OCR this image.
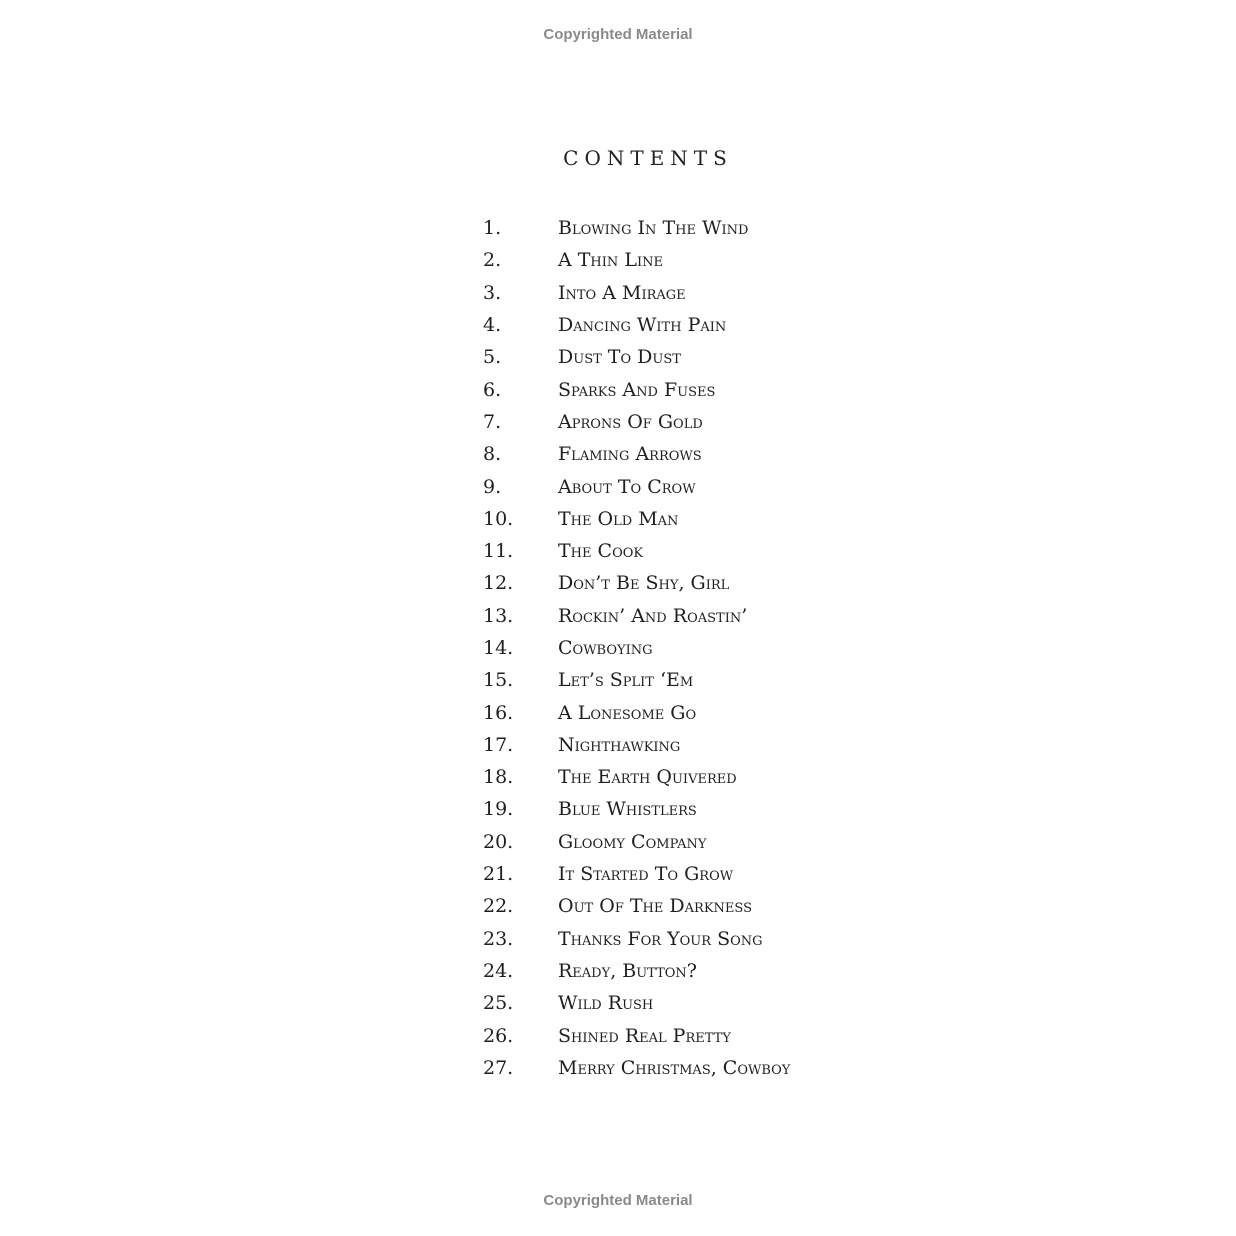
Copyrighted Material
CONTENTS
1.	Blowing In The Wind
2.	A Thin Line
3.	Into A Mirage
4.	Dancing With Pain
5.	Dust To Dust
6.	Sparks And Fuses
7.	Aprons Of Gold
8.	Flaming Arrows
9.	About To Crow
10.	The Old Man
11.	The Cook
12.	Don’t Be Shy, Girl
13.	Rockin’ And Roastin’
14.	Cowboying
15.	Let’s Split ‘Em
16.	A Lonesome Go
17.	Nighthawking
18.	The Earth Quivered
19.	Blue Whistlers
20.	Gloomy Company
21.	It Started To Grow
22.	Out Of The Darkness
23.	Thanks For Your Song
24.	Ready, Button?
25.	Wild Rush
26.	Shined Real Pretty
27.	Merry Christmas, Cowboy
Copyrighted Material
